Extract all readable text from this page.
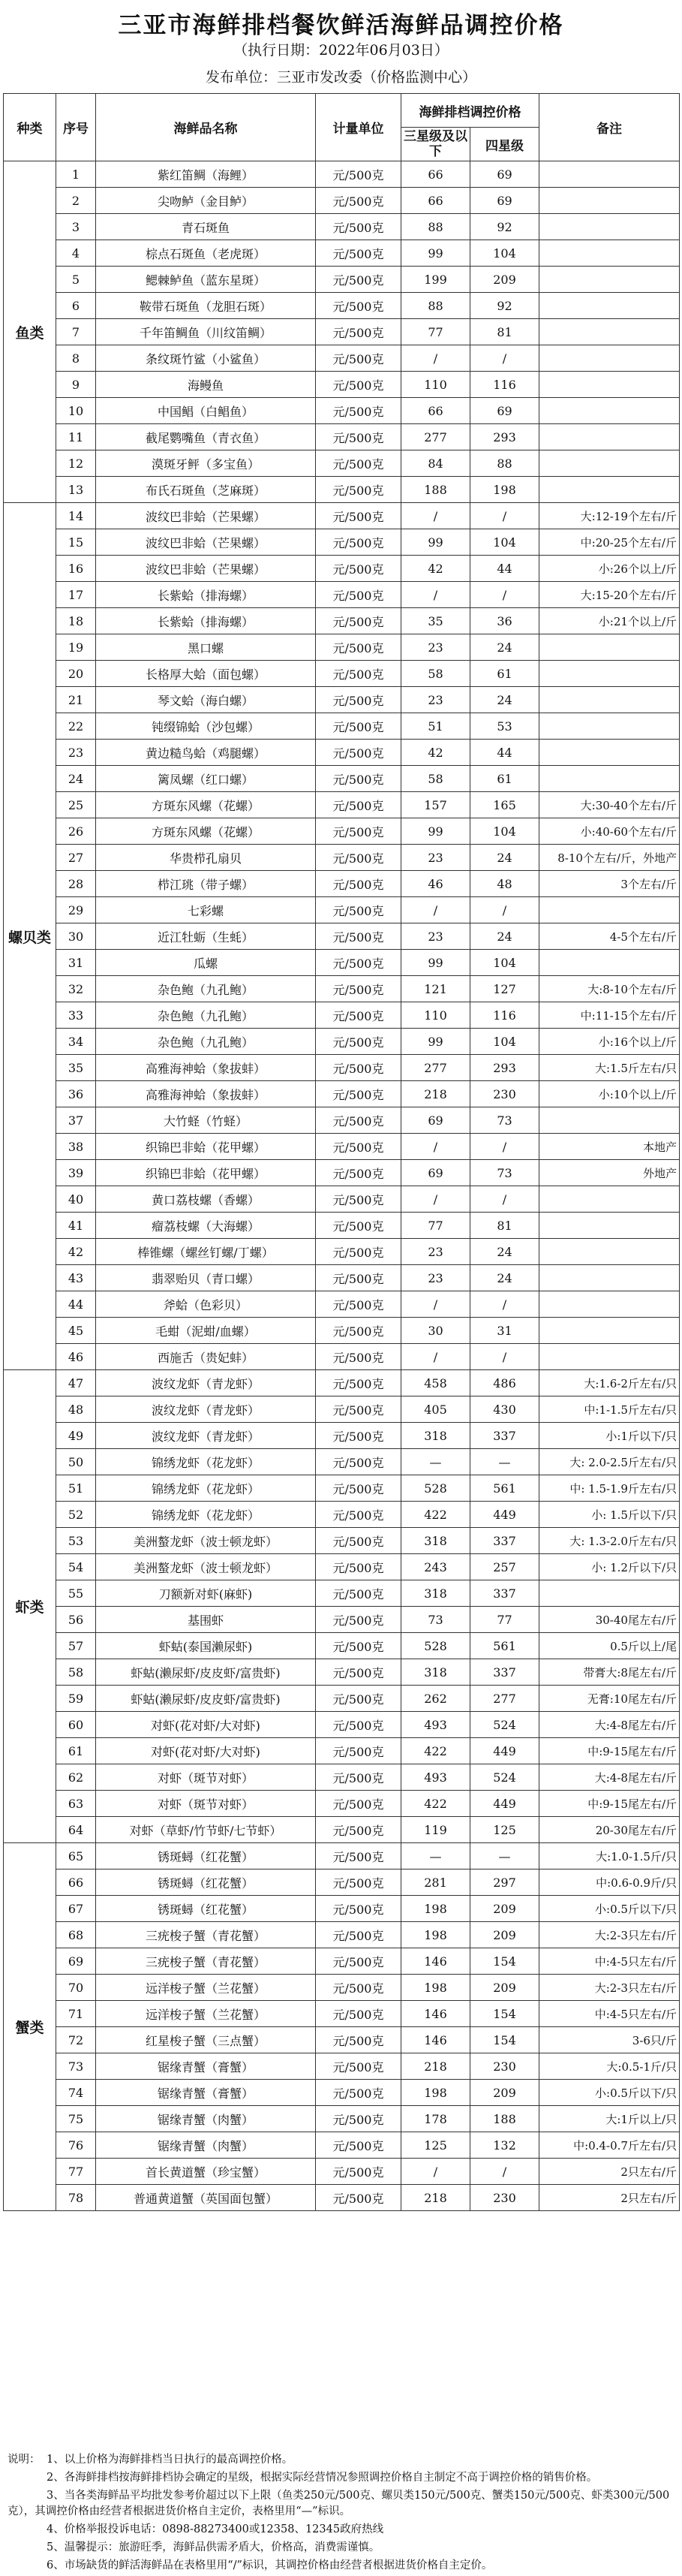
三亚市海鲜排档餐饮鲜活海鲜品调控价格
（执行日期：2022年06月03日）
发布单位：三亚市发改委（价格监测中心）
种类	序号	海鲜品名称	计量单位	海鲜排档调控价格		备注
				三星级及以下	四星级	
鱼类	1	紫红笛鲷（海鲤）	元/500克	66	69	
	2	尖吻鲈（金目鲈）	元/500克	66	69	
	3	青石斑鱼	元/500克	88	92	
	4	棕点石斑鱼（老虎斑）	元/500克	99	104	
	5	鳃棘鲈鱼（蓝东星斑）	元/500克	199	209	
	6	鞍带石斑鱼（龙胆石斑）	元/500克	88	92	
	7	千年笛鲷鱼（川纹笛鲷）	元/500克	77	81	
	8	条纹斑竹鲨（小鲨鱼）	元/500克	/	/	
	9	海鳗鱼	元/500克	110	116	
	10	中国鲳（白鲳鱼）	元/500克	66	69	
	11	截尾鹦嘴鱼（青衣鱼）	元/500克	277	293	
	12	漠斑牙鲆（多宝鱼）	元/500克	84	88	
	13	布氏石斑鱼（芝麻斑）	元/500克	188	198	
螺贝类	14	波纹巴非蛤（芒果螺）	元/500克	/	/	大:12-19个左右/斤
	15	波纹巴非蛤（芒果螺）	元/500克	99	104	中:20-25个左右/斤
	16	波纹巴非蛤（芒果螺）	元/500克	42	44	小:26个以上/斤
	17	长紫蛤（排海螺）	元/500克	/	/	大:15-20个左右/斤
	18	长紫蛤（排海螺）	元/500克	35	36	小:21个以上/斤
	19	黑口螺	元/500克	23	24	
	20	长格厚大蛤（面包螺）	元/500克	58	61	
	21	琴文蛤（海白螺）	元/500克	23	24	
	22	钝缀锦蛤（沙包螺）	元/500克	51	53	
	23	黄边糙鸟蛤（鸡腿螺）	元/500克	42	44	
	24	篱凤螺（红口螺）	元/500克	58	61	
	25	方斑东风螺（花螺）	元/500克	157	165	大:30-40个左右/斤
	26	方斑东风螺（花螺）	元/500克	99	104	小:40-60个左右/斤
	27	华贵栉孔扇贝	元/500克	23	24	8-10个左右/斤，外地产
	28	栉江珧（带子螺）	元/500克	46	48	3个左右/斤
	29	七彩螺	元/500克	/	/	
	30	近江牡蛎（生蚝）	元/500克	23	24	4-5个左右/斤
	31	瓜螺	元/500克	99	104	
	32	杂色鲍（九孔鲍）	元/500克	121	127	大:8-10个左右/斤
	33	杂色鲍（九孔鲍）	元/500克	110	116	中:11-15个左右/斤
	34	杂色鲍（九孔鲍）	元/500克	99	104	小:16个以上/斤
	35	高雅海神蛤（象拔蚌）	元/500克	277	293	大:1.5斤左右/只
	36	高雅海神蛤（象拔蚌）	元/500克	218	230	小:10个以上/斤
	37	大竹蛏（竹蛏）	元/500克	69	73	
	38	织锦巴非蛤（花甲螺）	元/500克	/	/	本地产
	39	织锦巴非蛤（花甲螺）	元/500克	69	73	外地产
	40	黄口荔枝螺（香螺）	元/500克	/	/	
	41	瘤荔枝螺（大海螺）	元/500克	77	81	
	42	棒锥螺（螺丝钉螺/丁螺）	元/500克	23	24	
	43	翡翠贻贝（青口螺）	元/500克	23	24	
	44	斧蛤（色彩贝）	元/500克	/	/	
	45	毛蚶（泥蚶/血螺）	元/500克	30	31	
	46	西施舌（贵妃蚌）	元/500克	/	/	
虾类	47	波纹龙虾（青龙虾）	元/500克	458	486	大:1.6-2斤左右/只
	48	波纹龙虾（青龙虾）	元/500克	405	430	中:1-1.5斤左右/只
	49	波纹龙虾（青龙虾）	元/500克	318	337	小:1斤以下/只
	50	锦绣龙虾（花龙虾）	元/500克	—	—	大: 2.0-2.5斤左右/只
	51	锦绣龙虾（花龙虾）	元/500克	528	561	中: 1.5-1.9斤左右/只
	52	锦绣龙虾（花龙虾）	元/500克	422	449	小: 1.5斤以下/只
	53	美洲螯龙虾（波士顿龙虾）	元/500克	318	337	大: 1.3-2.0斤左右/只
	54	美洲螯龙虾（波士顿龙虾）	元/500克	243	257	小: 1.2斤以下/只
	55	刀额新对虾(麻虾)	元/500克	318	337	
	56	基围虾	元/500克	73	77	30-40尾左右/斤
	57	虾蛄(泰国濑尿虾)	元/500克	528	561	0.5斤以上/尾
	58	虾蛄(濑尿虾/皮皮虾/富贵虾)	元/500克	318	337	带膏大:8尾左右/斤
	59	虾蛄(濑尿虾/皮皮虾/富贵虾)	元/500克	262	277	无膏:10尾左右/斤
	60	对虾(花对虾/大对虾)	元/500克	493	524	大:4-8尾左右/斤
	61	对虾(花对虾/大对虾)	元/500克	422	449	中:9-15尾左右/斤
	62	对虾（斑节对虾）	元/500克	493	524	大:4-8尾左右/斤
	63	对虾（斑节对虾）	元/500克	422	449	中:9-15尾左右/斤
	64	对虾（草虾/竹节虾/七节虾）	元/500克	119	125	20-30尾左右/斤
蟹类	65	锈斑蟳（红花蟹）	元/500克	—	—	大:1.0-1.5斤/只
	66	锈斑蟳（红花蟹）	元/500克	281	297	中:0.6-0.9斤/只
	67	锈斑蟳（红花蟹）	元/500克	198	209	小:0.5斤以下/只
	68	三疣梭子蟹（青花蟹）	元/500克	198	209	大:2-3只左右/斤
	69	三疣梭子蟹（青花蟹）	元/500克	146	154	中:4-5只左右/斤
	70	远洋梭子蟹（兰花蟹）	元/500克	198	209	大:2-3只左右/斤
	71	远洋梭子蟹（兰花蟹）	元/500克	146	154	中:4-5只左右/斤
	72	红星梭子蟹（三点蟹）	元/500克	146	154	3-6只/斤
	73	锯缘青蟹（膏蟹）	元/500克	218	230	大:0.5-1斤/只
	74	锯缘青蟹（膏蟹）	元/500克	198	209	小:0.5斤以下/只
	75	锯缘青蟹（肉蟹）	元/500克	178	188	大:1斤以上/只
	76	锯缘青蟹（肉蟹）	元/500克	125	132	中:0.4-0.7斤左右/只
	77	首长黄道蟹（珍宝蟹）	元/500克	/	/	2只左右/斤
	78	普通黄道蟹（英国面包蟹）	元/500克	218	230	2只左右/斤

说明： 1、以上价格为海鲜排档当日执行的最高调控价格。

2、各海鲜排档按海鲜排档协会确定的星级，根据实际经营情况参照调控价格自主制定不高于调控价格的销售价格。

3、当各类海鲜品平均批发参考价超过以下上限（鱼类250元/500克、螺贝类150元/500克、蟹类150元/500克、虾类300元/500克），其调控价格由经营者根据进货价格自主定价，表格里用“—”标识。

4、价格举报投诉电话：0898-88273400或12358、12345政府热线

5、温馨提示：旅游旺季，海鲜品供需矛盾大，价格高，消费需谨慎。

6、市场缺货的鲜活海鲜品在表格里用“/”标识，其调控价格由经营者根据进货价格自主定价。
